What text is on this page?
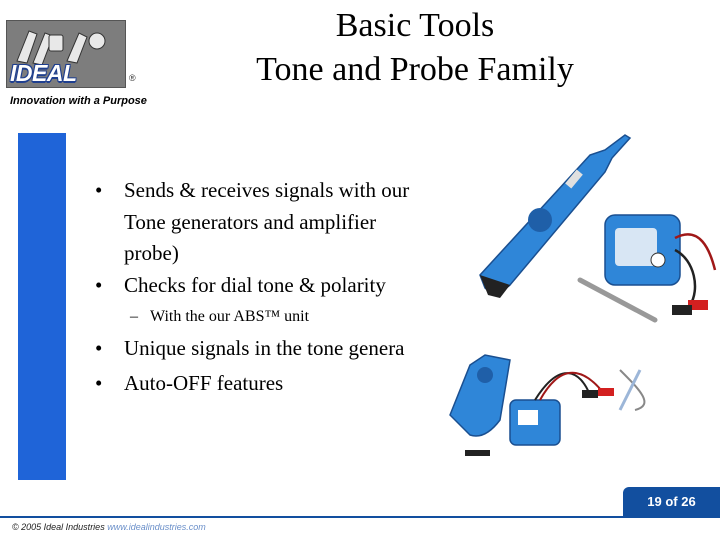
IDEAL	®
Innovation with a Purpose
Basic Tools
Tone and Probe Family
• Sends & receives signals with our
Tone generators and amplifier
probe)
• Checks for dial tone & polarity
– With the our ABS™ unit
• Unique signals in the tone genera
• Auto-OFF features
19 of 26
© 2005 Ideal Industries www.idealindustries.com
